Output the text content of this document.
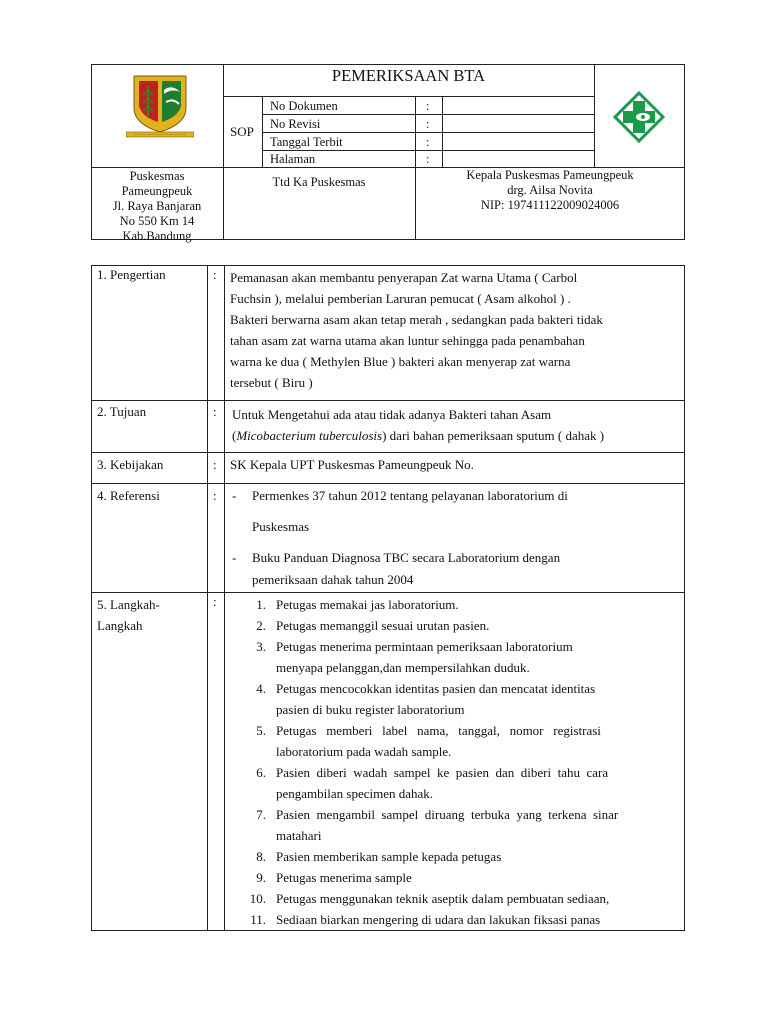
PEMERIKSAAN BTA
SOP
No Dokumen	:
No Revisi	:
Tanggal Terbit	:
Halaman	:
Puskesmas
Pameungpeuk
Jl. Raya Banjaran
No 550 Km 14
Kab.Bandung
Ttd Ka Puskesmas	Kepala Puskesmas Pameungpeuk
drg. Ailsa Novita
NIP: 197411122009024006
1. Pengertian	: Pemanasan akan membantu penyerapan Zat warna Utama ( Carbol
Fuchsin ), melalui pemberian Laruran pemucat ( Asam alkohol ) .
Bakteri berwarna asam akan tetap merah , sedangkan pada bakteri tidak
tahan asam zat warna utama akan luntur sehingga pada penambahan
warna ke dua ( Methylen Blue ) bakteri akan menyerap zat warna
tersebut ( Biru )
2. Tujuan	: Untuk Mengetahui ada atau tidak adanya Bakteri tahan Asam
(Micobacterium tuberculosis) dari bahan pemeriksaan sputum ( dahak )
3. Kebijakan	: SK Kepala UPT Puskesmas Pameungpeuk No.
4. Referensi	: - Permenkes 37 tahun 2012 tentang pelayanan laboratorium di
Puskesmas
- Buku Panduan Diagnosa TBC secara Laboratorium dengan
pemeriksaan dahak tahun 2004
5. Langkah-
Langkah
:	1. Petugas memakai jas laboratorium.
2. Petugas memanggil sesuai urutan pasien.
3. Petugas menerima permintaan pemeriksaan laboratorium
menyapa pelanggan,dan mempersilahkan duduk.
4. Petugas mencocokkan identitas pasien dan mencatat identitas
pasien di buku register laboratorium
5. Petugas   memberi   label   nama,   tanggal,   nomor   registrasi
laboratorium pada wadah sample.
6. Pasien  diberi  wadah  sampel  ke  pasien  dan  diberi  tahu  cara
pengambilan specimen dahak.
7. Pasien  mengambil  sampel  diruang  terbuka  yang  terkena  sinar
matahari
8. Pasien memberikan sample kepada petugas
9. Petugas menerima sample
10. Petugas menggunakan teknik aseptik dalam pembuatan sediaan,
11. Sediaan biarkan mengering di udara dan lakukan fiksasi panas
